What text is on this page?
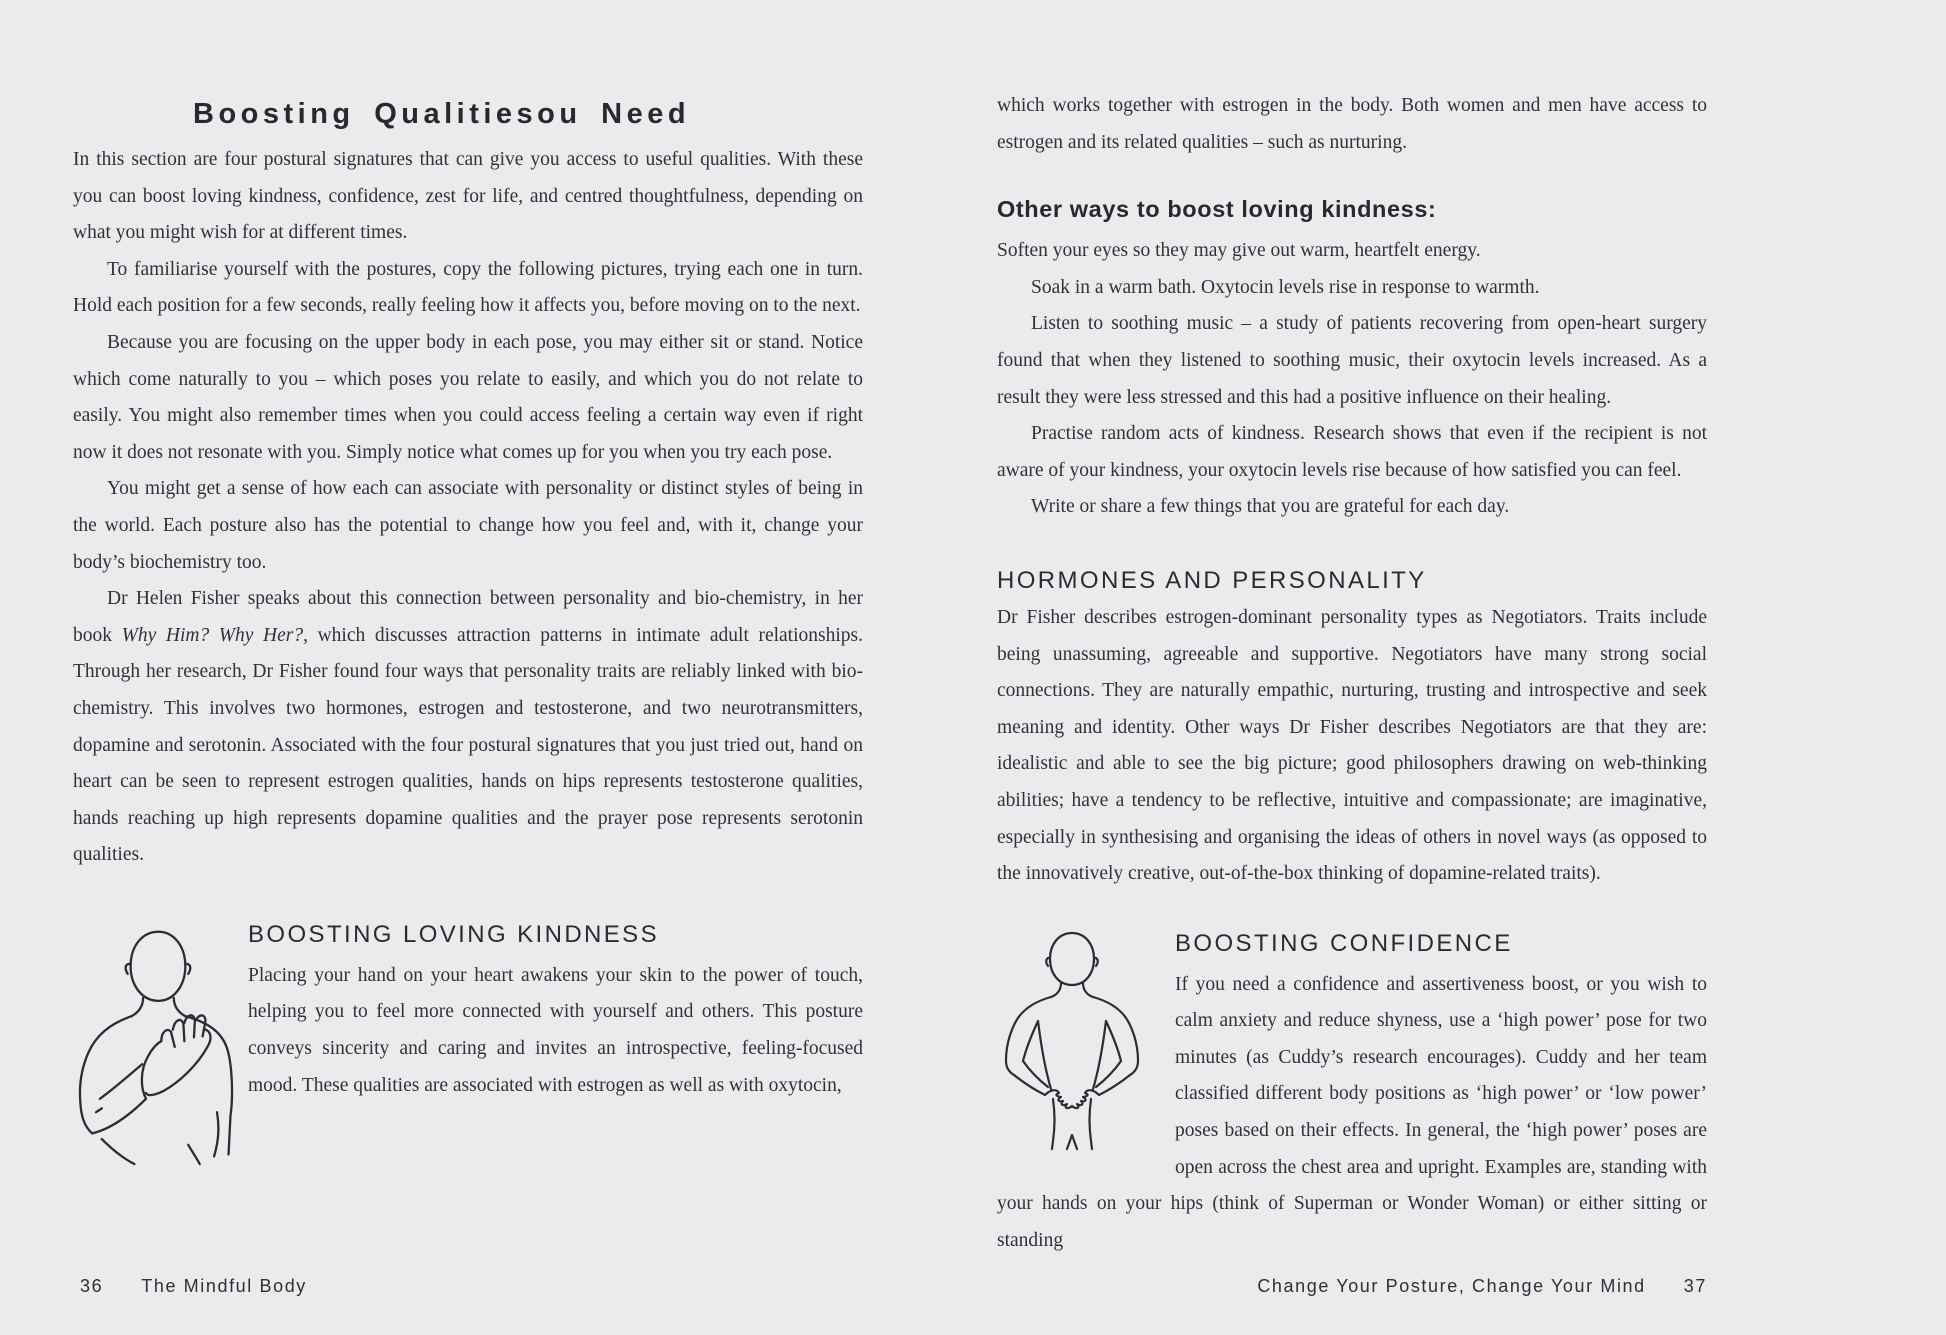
Boosting Qualitiesou Need

In this section are four postural signatures that can give you access to useful qualities. With these you can boost loving kindness, confidence, zest for life, and centred thoughtfulness, depending on what you might wish for at different times.

To familiarise yourself with the postures, copy the following pictures, trying each one in turn. Hold each position for a few seconds, really feeling how it affects you, before moving on to the next.

Because you are focusing on the upper body in each pose, you may either sit or stand. Notice which come naturally to you – which poses you relate to easily, and which you do not relate to easily. You might also remember times when you could access feeling a certain way even if right now it does not resonate with you. Simply notice what comes up for you when you try each pose.

You might get a sense of how each can associate with personality or distinct styles of being in the world. Each posture also has the potential to change how you feel and, with it, change your body’s biochemistry too.

Dr Helen Fisher speaks about this connection between personality and bio-chemistry, in her book Why Him? Why Her?, which discusses attraction patterns in intimate adult relationships. Through her research, Dr Fisher found four ways that personality traits are reliably linked with bio-chemistry. This involves two hormones, estrogen and testosterone, and two neurotransmitters, dopamine and serotonin. Associated with the four postural signatures that you just tried out, hand on heart can be seen to represent estrogen qualities, hands on hips represents testosterone qualities, hands reaching up high represents dopamine qualities and the prayer pose represents serotonin qualities.

BOOSTING LOVING KINDNESS

Placing your hand on your heart awakens your skin to the power of touch, helping you to feel more connected with yourself and others. This posture conveys sincerity and caring and invites an introspective, feeling-focused mood. These qualities are associated with estrogen as well as with oxytocin,

which works together with estrogen in the body. Both women and men have access to estrogen and its related qualities – such as nurturing.

Other ways to boost loving kindness:

Soften your eyes so they may give out warm, heartfelt energy.

Soak in a warm bath. Oxytocin levels rise in response to warmth.

Listen to soothing music – a study of patients recovering from open-heart surgery found that when they listened to soothing music, their oxytocin levels increased. As a result they were less stressed and this had a positive influence on their healing.

Practise random acts of kindness. Research shows that even if the recipient is not aware of your kindness, your oxytocin levels rise because of how satisfied you can feel.

Write or share a few things that you are grateful for each day.

HORMONES AND PERSONALITY

Dr Fisher describes estrogen-dominant personality types as Negotiators. Traits include being unassuming, agreeable and supportive. Negotiators have many strong social connections. They are naturally empathic, nurturing, trusting and introspective and seek meaning and identity. Other ways Dr Fisher describes Negotiators are that they are: idealistic and able to see the big picture; good philosophers drawing on web-thinking abilities; have a tendency to be reflective, intuitive and compassionate; are imaginative, especially in synthesising and organising the ideas of others in novel ways (as opposed to the innovatively creative, out-of-the-box thinking of dopamine-related traits).

BOOSTING CONFIDENCE

If you need a confidence and assertiveness boost, or you wish to calm anxiety and reduce shyness, use a ‘high power’ pose for two minutes (as Cuddy’s research encourages). Cuddy and her team classified different body positions as ‘high power’ or ‘low power’ poses based on their effects. In general, the ‘high power’ poses are open across the chest area and upright. Examples are, standing with your hands on your hips (think of Superman or Wonder Woman) or either sitting or standing

36 The Mindful Body	Change Your Posture, Change Your Mind 37
